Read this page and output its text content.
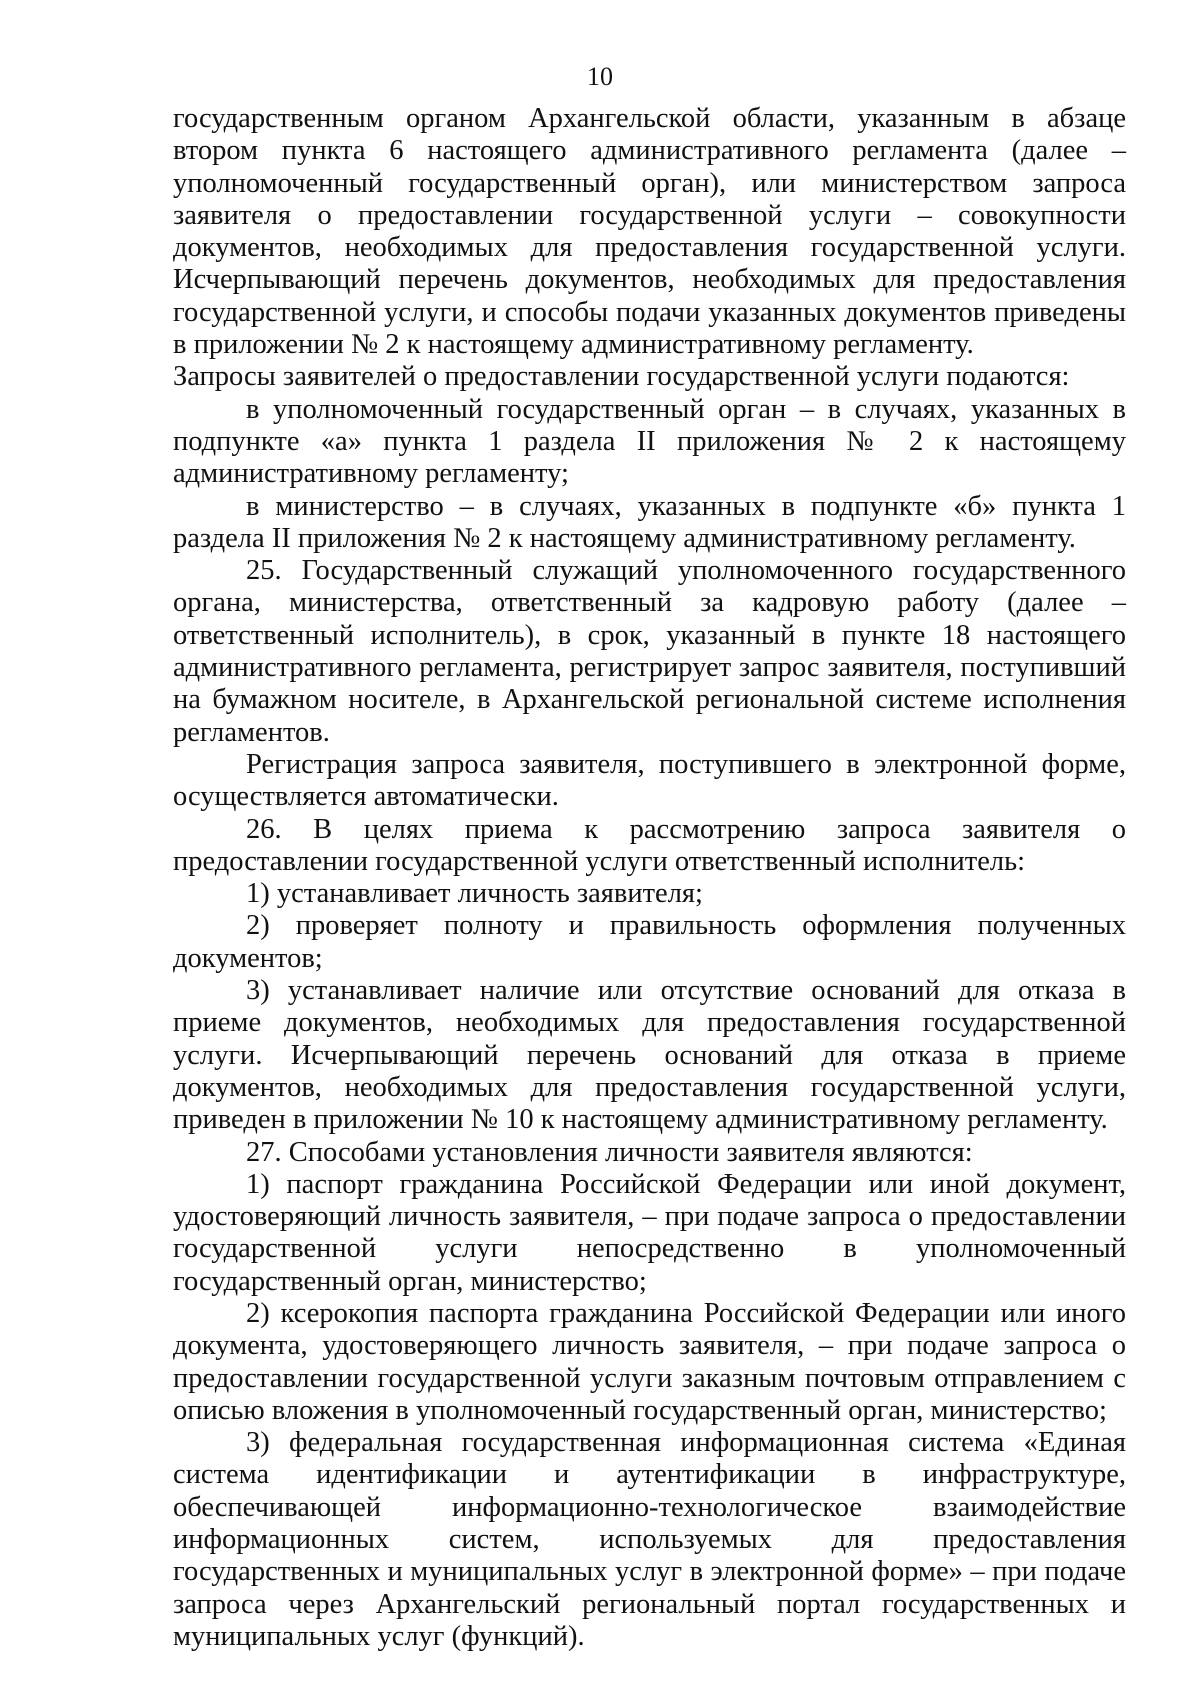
10

государственным органом Архангельской области, указанным в абзаце втором пункта 6 настоящего административного регламента (далее – уполномоченный государственный орган), или министерством запроса заявителя о предоставлении государственной услуги – совокупности документов, необходимых для предоставления государственной услуги. Исчерпывающий перечень документов, необходимых для предоставления государственной услуги, и способы подачи указанных документов приведены в приложении № 2 к настоящему административному регламенту.

Запросы заявителей о предоставлении государственной услуги подаются:

в уполномоченный государственный орган – в случаях, указанных в подпункте «а» пункта 1 раздела II приложения № 2 к настоящему административному регламенту;

в министерство – в случаях, указанных в подпункте «б» пункта 1 раздела II приложения № 2 к настоящему административному регламенту.

25. Государственный служащий уполномоченного государственного органа, министерства, ответственный за кадровую работу (далее – ответственный исполнитель), в срок, указанный в пункте 18 настоящего административного регламента, регистрирует запрос заявителя, поступивший на бумажном носителе, в Архангельской региональной системе исполнения регламентов.

Регистрация запроса заявителя, поступившего в электронной форме, осуществляется автоматически.

26. В целях приема к рассмотрению запроса заявителя о предоставлении государственной услуги ответственный исполнитель:

1) устанавливает личность заявителя;

2) проверяет полноту и правильность оформления полученных документов;

3) устанавливает наличие или отсутствие оснований для отказа в приеме документов, необходимых для предоставления государственной услуги. Исчерпывающий перечень оснований для отказа в приеме документов, необходимых для предоставления государственной услуги, приведен в приложении № 10 к настоящему административному регламенту.

27. Способами установления личности заявителя являются:

1) паспорт гражданина Российской Федерации или иной документ, удостоверяющий личность заявителя, – при подаче запроса о предоставлении государственной услуги непосредственно в уполномоченный государственный орган, министерство;

2) ксерокопия паспорта гражданина Российской Федерации или иного документа, удостоверяющего личность заявителя, – при подаче запроса о предоставлении государственной услуги заказным почтовым отправлением с описью вложения в уполномоченный государственный орган, министерство;

3) федеральная государственная информационная система «Единая система идентификации и аутентификации в инфраструктуре, обеспечивающей информационно-технологическое взаимодействие информационных систем, используемых для предоставления государственных и муниципальных услуг в электронной форме» – при подаче запроса через Архангельский региональный портал государственных и муниципальных услуг (функций).
